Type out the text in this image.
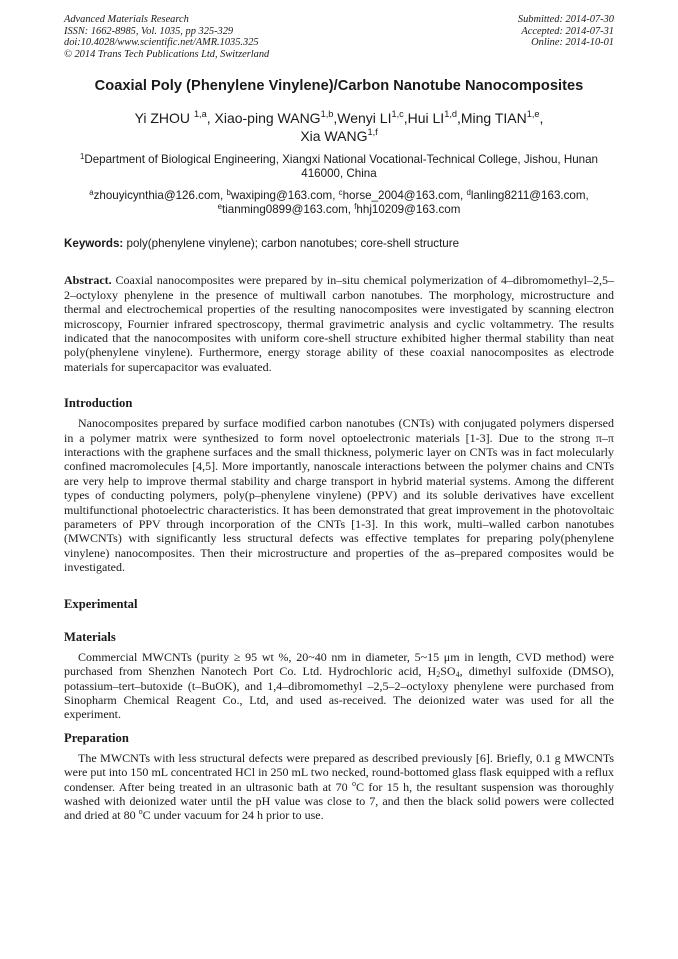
Advanced Materials Research
ISSN: 1662-8985, Vol. 1035, pp 325-329
doi:10.4028/www.scientific.net/AMR.1035.325
© 2014 Trans Tech Publications Ltd, Switzerland
Submitted: 2014-07-30
Accepted: 2014-07-31
Online: 2014-10-01
Coaxial Poly (Phenylene Vinylene)/Carbon Nanotube Nanocomposites
Yi ZHOU $^{1,a}$, Xiao-ping WANG$^{1,b}$,Wenyi LI$^{1,c}$,Hui LI$^{1,d}$,Ming TIAN$^{1,e}$,
Xia WANG$^{1,f}$
$^1$Department of Biological Engineering, Xiangxi National Vocational-Technical College, Jishou, Hunan 416000, China
$^a$zhouyicynthia@126.com, $^b$waxiping@163.com, $^c$horse_2004@163.com, $^d$lanling8211@163.com,
$^e$tianming0899@163.com, $^f$hhj10209@163.com
Keywords: poly(phenylene vinylene); carbon nanotubes; core-shell structure
Abstract. Coaxial nanocomposites were prepared by in–situ chemical polymerization of 4–dibromomethyl–2,5–2–octyloxy phenylene in the presence of multiwall carbon nanotubes. The morphology, microstructure and thermal and electrochemical properties of the resulting nanocomposites were investigated by scanning electron microscopy, Fournier infrared spectroscopy, thermal gravimetric analysis and cyclic voltammetry. The results indicated that the nanocomposites with uniform core-shell structure exhibited higher thermal stability than neat poly(phenylene vinylene). Furthermore, energy storage ability of these coaxial nanocomposites as electrode materials for supercapacitor was evaluated.
Introduction

Nanocomposites prepared by surface modified carbon nanotubes (CNTs) with conjugated polymers dispersed in a polymer matrix were synthesized to form novel optoelectronic materials [1-3]. Due to the strong π–π interactions with the graphene surfaces and the small thickness, polymeric layer on CNTs was in fact molecularly confined macromolecules [4,5]. More importantly, nanoscale interactions between the polymer chains and CNTs are very help to improve thermal stability and charge transport in hybrid material systems. Among the different types of conducting polymers, poly(p–phenylene vinylene) (PPV) and its soluble derivatives have excellent multifunctional photoelectric characteristics. It has been demonstrated that great improvement in the photovoltaic parameters of PPV through incorporation of the CNTs [1-3]. In this work, multi–walled carbon nanotubes (MWCNTs) with significantly less structural defects was effective templates for preparing poly(phenylene vinylene) nanocomposites. Then their microstructure and properties of the as–prepared composites would be investigated.

Experimental
Materials

Commercial MWCNTs (purity ≥ 95 wt %, 20~40 nm in diameter, 5~15 μm in length, CVD method) were purchased from Shenzhen Nanotech Port Co. Ltd. Hydrochloric acid, $H_2SO_4$, dimethyl sulfoxide (DMSO), potassium–tert–butoxide (t–BuOK), and 1,4–dibromomethyl –2,5–2–octyloxy phenylene were purchased from Sinopharm Chemical Reagent Co., Ltd, and used as-received. The deionized water was used for all the experiment.

Preparation

The MWCNTs with less structural defects were prepared as described previously [6]. Briefly, 0.1 g MWCNTs were put into 150 mL concentrated HCl in 250 mL two necked, round-bottomed glass flask equipped with a reflux condenser. After being treated in an ultrasonic bath at 70 $^o$C for 15 h, the resultant suspension was thoroughly washed with deionized water until the pH value was close to 7, and then the black solid powers were collected and dried at 80 $^o$C under vacuum for 24 h prior to use.
